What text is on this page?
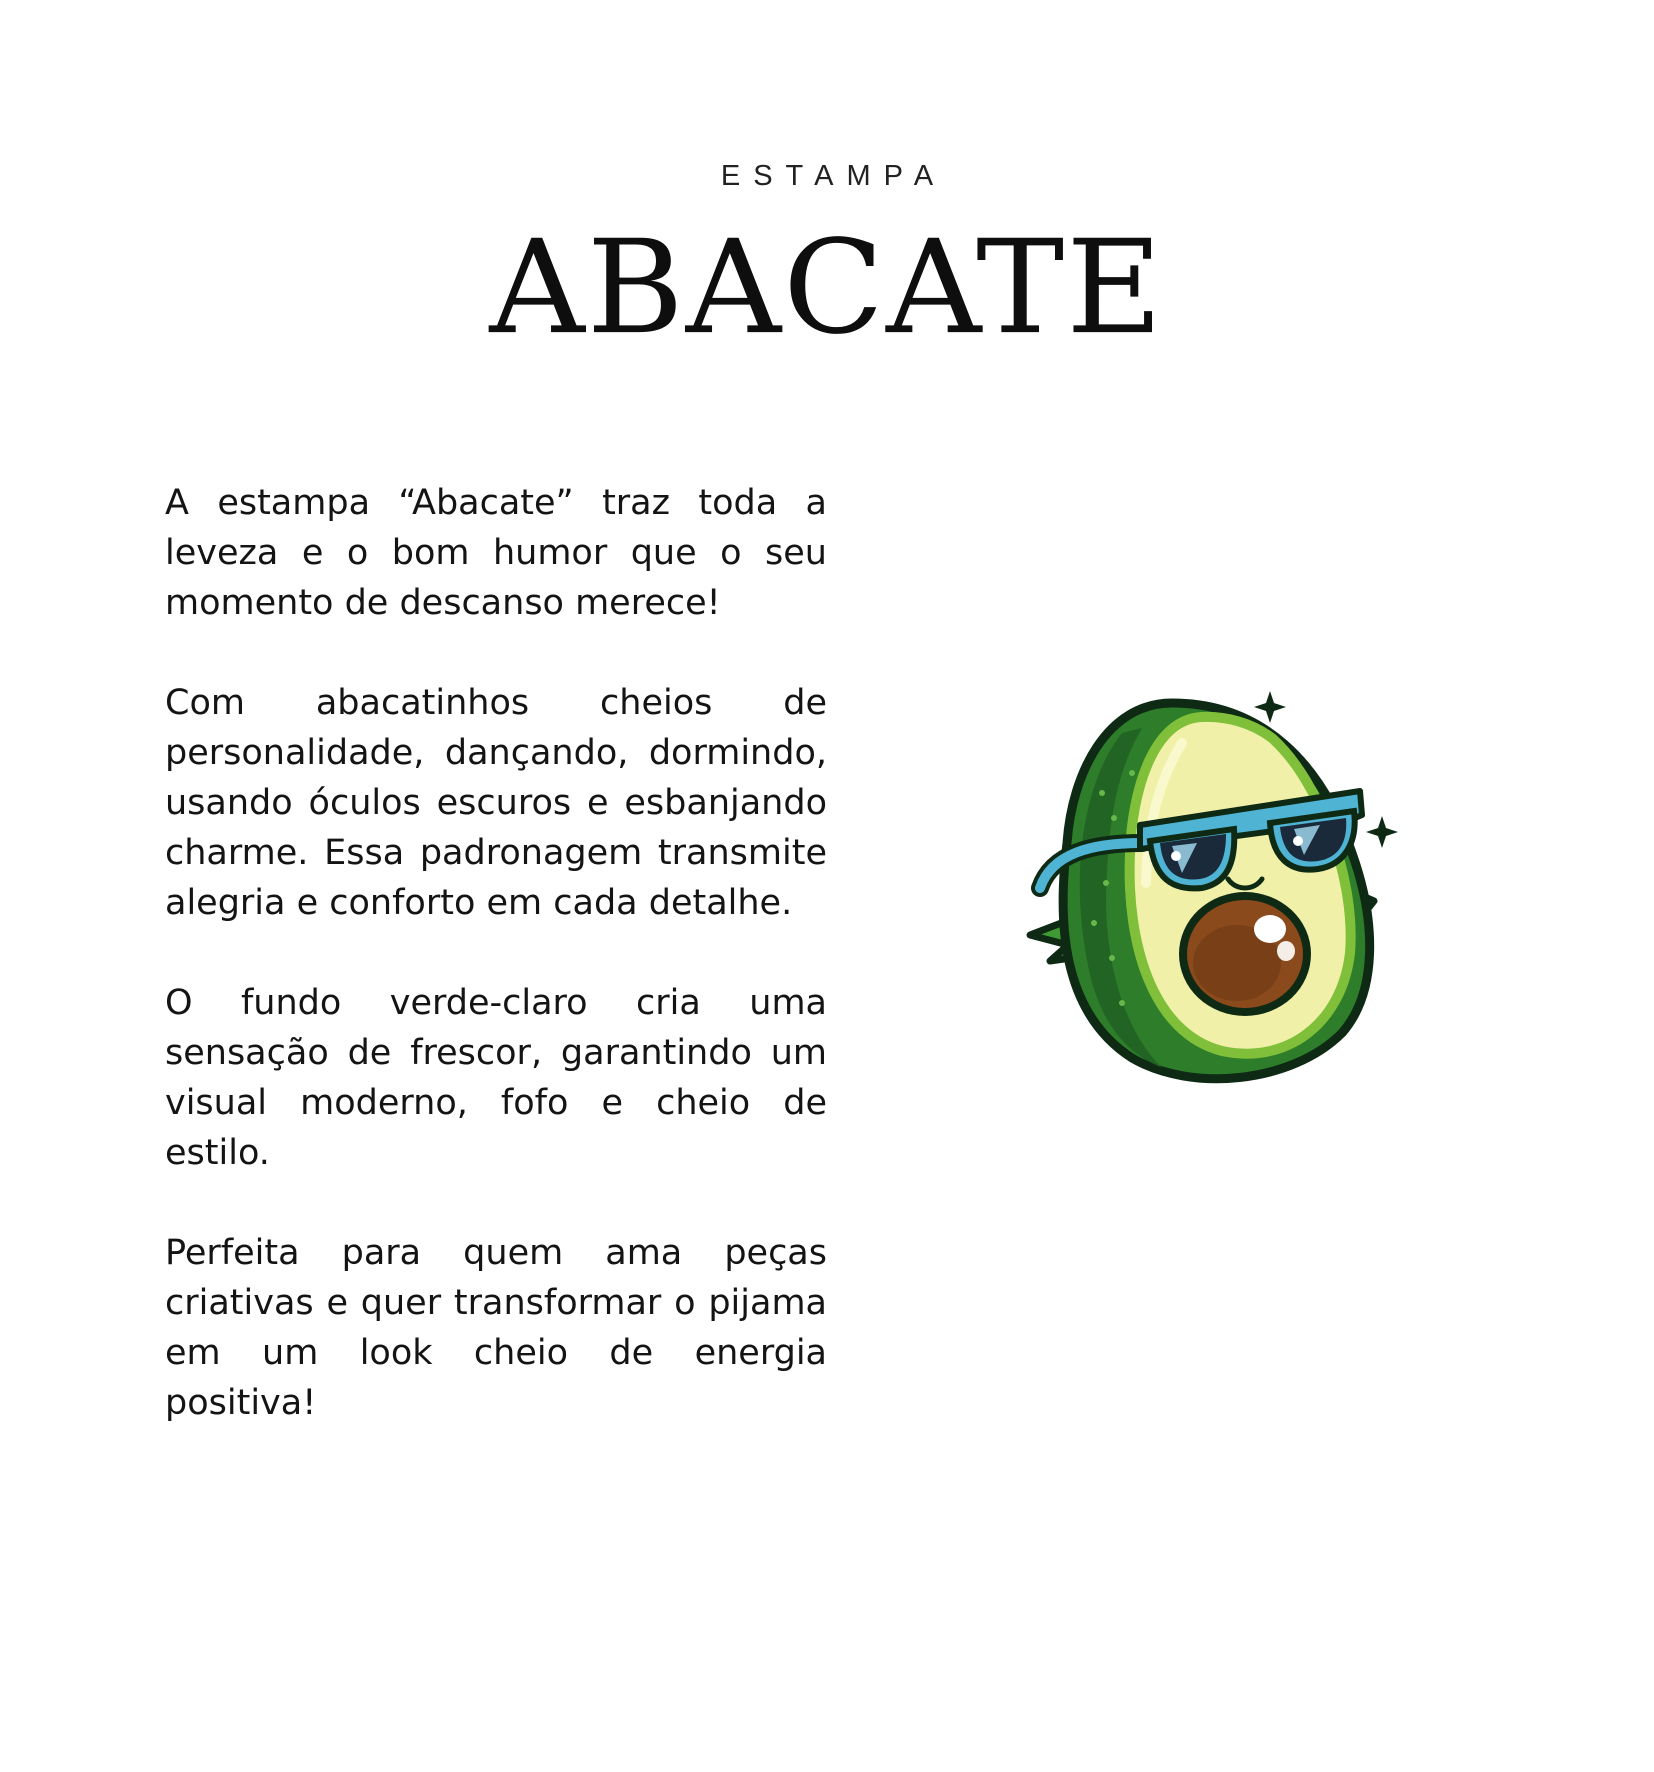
ESTAMPA
ABACATE

A estampa “Abacate” traz toda a leveza e o bom humor que o seu momento de descanso merece!

Com abacatinhos cheios de personalidade, dançando, dormindo, usando óculos escuros e esbanjando charme. Essa padronagem transmite alegria e conforto em cada detalhe.

O fundo verde-claro cria uma sensação de frescor, garantindo um visual moderno, fofo e cheio de estilo.

Perfeita para quem ama peças criativas e quer transformar o pijama em um look cheio de energia positiva!
